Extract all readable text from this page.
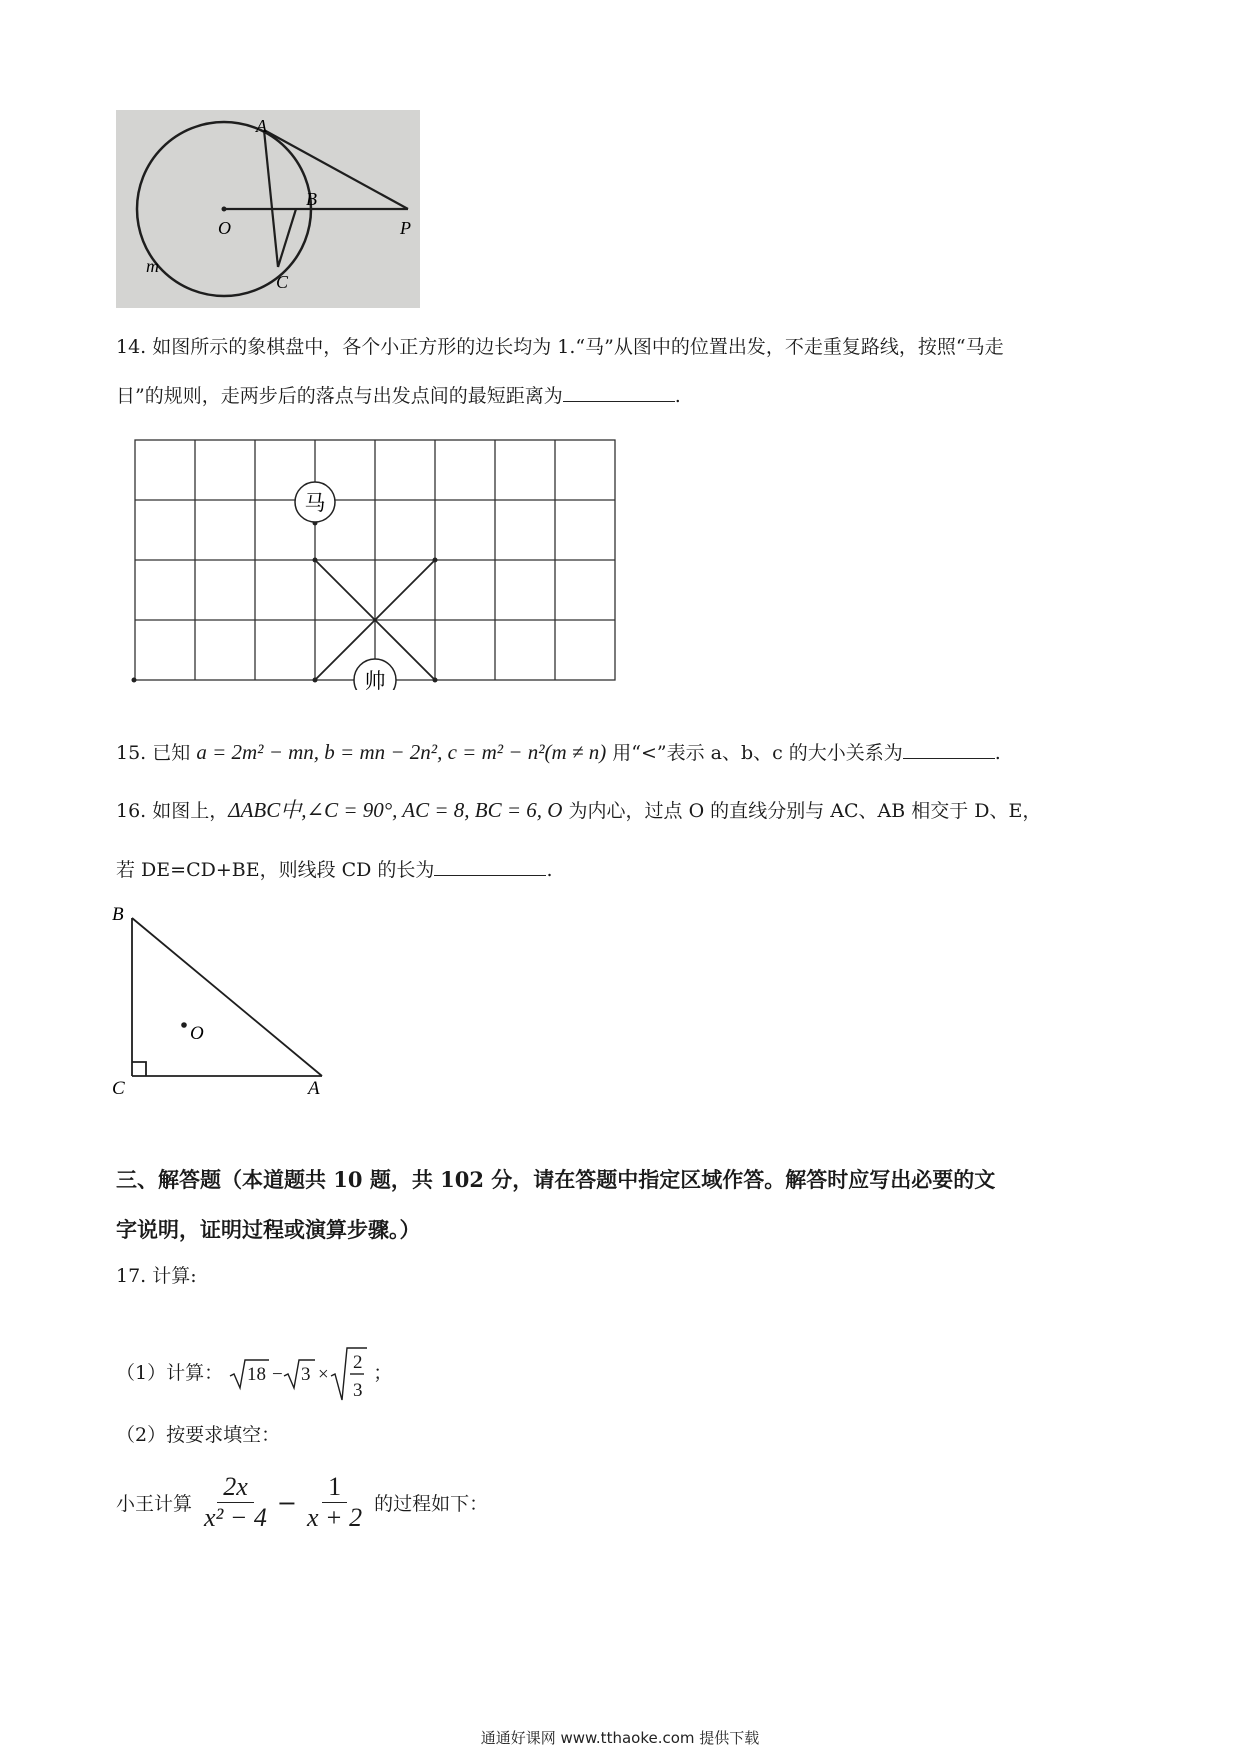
A
B
O	P
C
m
14. 如图所示的象棋盘中，各个小正方形的边长均为 1.“马”从图中的位置出发，不走重复路线，按照“马走
日”的规则，走两步后的落点与出发点间的最短距离为	.
马
帅
15. 已知 a = 2m² − mn, b = mn − 2n², c = m² − n²(m ≠ n) 用“<”表示 a、b、c 的大小关系为	.
16. 如图上，ΔABC中,∠C = 90°, AC = 8, BC = 6, O 为内心，过点 O 的直线分别与 AC、AB 相交于 D、E，
若 DE=CD+BE，则线段 CD 的长为	.
B
C	A
O
三、解答题（本道题共 10 题，共 102 分，请在答题中指定区域作答。解答时应写出必要的文
字说明，证明过程或演算步骤。）
17. 计算:
（1）计算： 18 − 3 ×
2
3
；
（2）按要求填空：
小王计算 $\frac{2x}{\text{x² − 4}} - \frac{1}{x + 2}$ 的过程如下：
通通好课网 www.tthaoke.com 提供下载
